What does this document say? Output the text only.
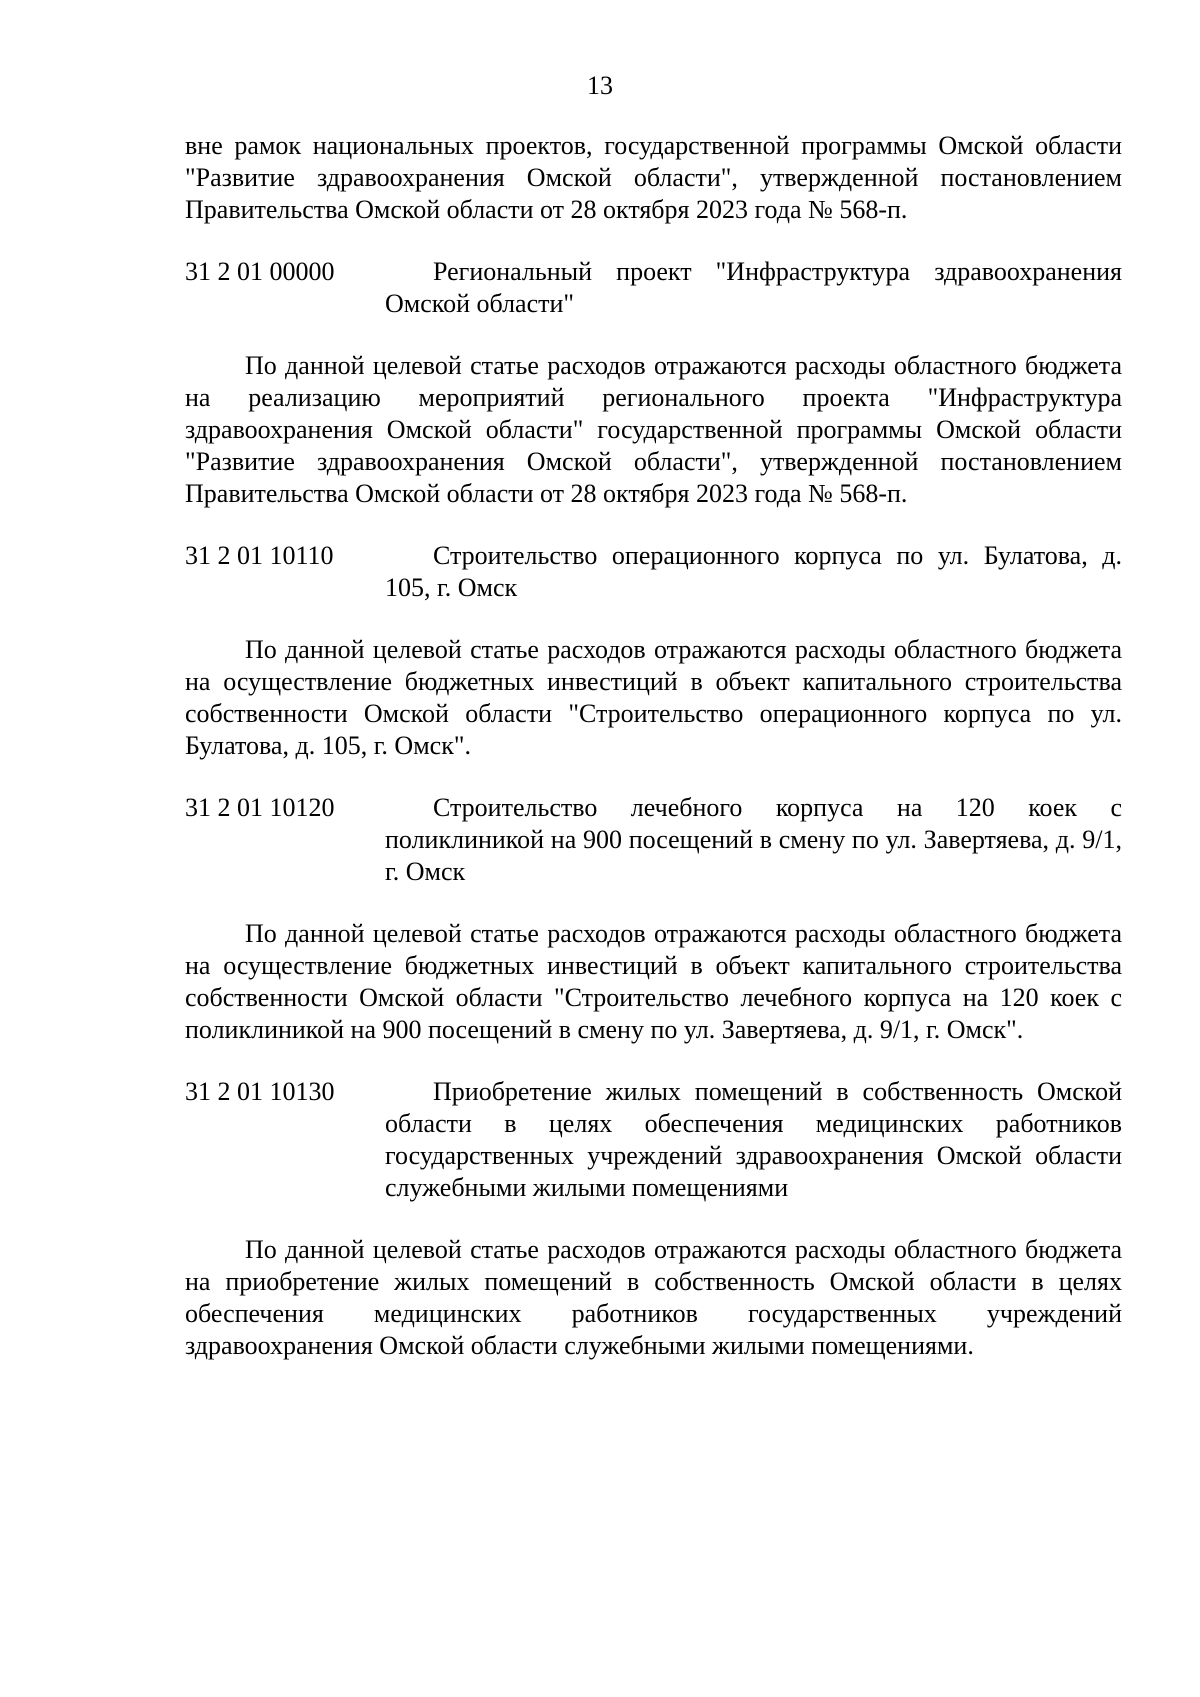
13

вне рамок национальных проектов, государственной программы Омской области "Развитие здравоохранения Омской области", утвержденной постановлением Правительства Омской области от 28 октября 2023 года № 568-п.

31 2 01 00000	Региональный проект "Инфраструктура здравоохранения Омской области"

По данной целевой статье расходов отражаются расходы областного бюджета на реализацию мероприятий регионального проекта "Инфраструктура здравоохранения Омской области" государственной программы Омской области "Развитие здравоохранения Омской области", утвержденной постановлением Правительства Омской области от 28 октября 2023 года № 568-п.

31 2 01 10110	Строительство операционного корпуса по ул. Булатова, д. 105, г. Омск

По данной целевой статье расходов отражаются расходы областного бюджета на осуществление бюджетных инвестиций в объект капитального строительства собственности Омской области "Строительство операционного корпуса по ул. Булатова, д. 105, г. Омск".

31 2 01 10120	Строительство лечебного корпуса на 120 коек с поликлиникой на 900 посещений в смену по ул. Завертяева, д. 9/1, г. Омск

По данной целевой статье расходов отражаются расходы областного бюджета на осуществление бюджетных инвестиций в объект капитального строительства собственности Омской области "Строительство лечебного корпуса на 120 коек с поликлиникой на 900 посещений в смену по ул. Завертяева, д. 9/1, г. Омск".

31 2 01 10130	Приобретение жилых помещений в собственность Омской области в целях обеспечения медицинских работников государственных учреждений здравоохранения Омской области служебными жилыми помещениями

По данной целевой статье расходов отражаются расходы областного бюджета на приобретение жилых помещений в собственность Омской области в целях обеспечения медицинских работников государственных учреждений здравоохранения Омской области служебными жилыми помещениями.
